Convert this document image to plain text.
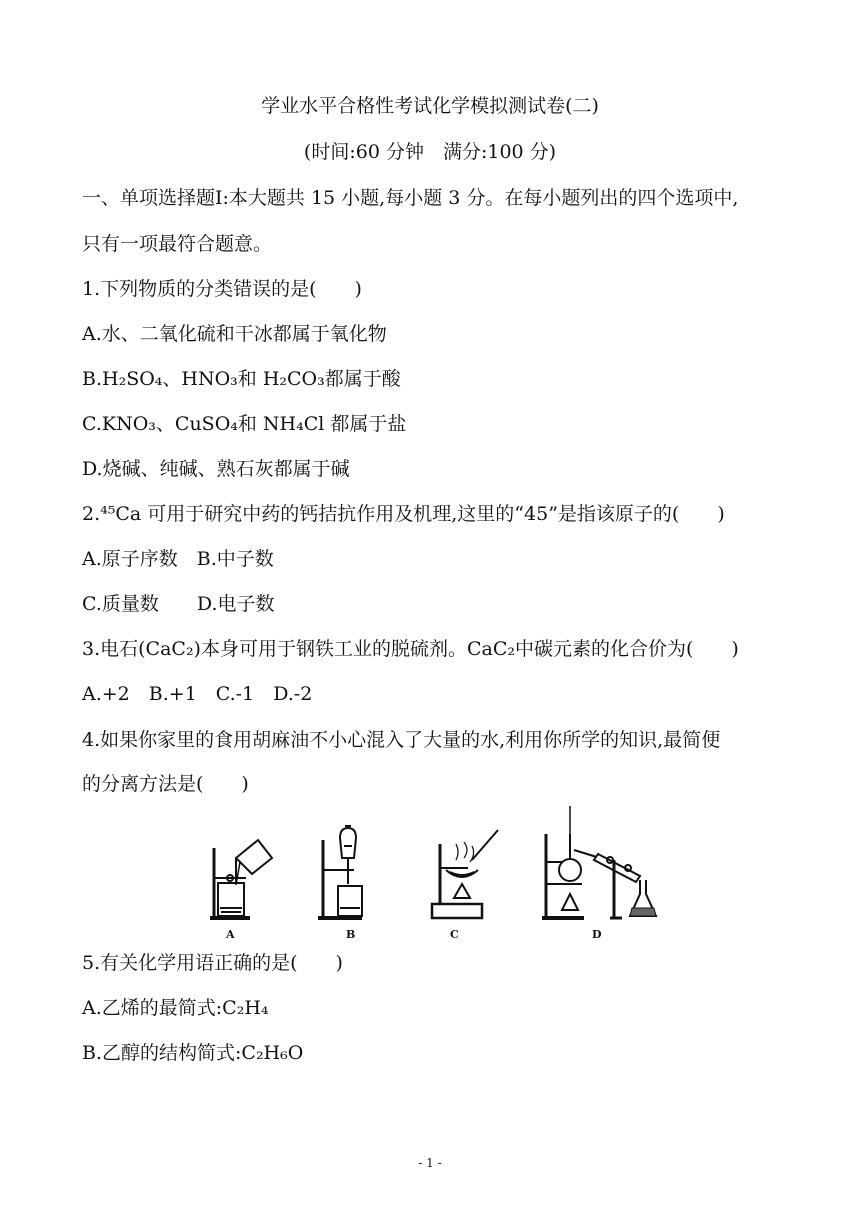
学业水平合格性考试化学模拟测试卷(二)
(时间:60 分钟　满分:100 分)
一、单项选择题Ⅰ:本大题共 15 小题,每小题 3 分。在每小题列出的四个选项中,
只有一项最符合题意。
1.下列物质的分类错误的是(　　)
A.水、二氧化硫和干冰都属于氧化物
B.H₂SO₄、HNO₃和 H₂CO₃都属于酸
C.KNO₃、CuSO₄和 NH₄Cl 都属于盐
D.烧碱、纯碱、熟石灰都属于碱
2.⁴⁵Ca 可用于研究中药的钙拮抗作用及机理,这里的“45”是指该原子的(　　)
A.原子序数　B.中子数
C.质量数　　D.电子数
3.电石(CaC₂)本身可用于钢铁工业的脱硫剂。CaC₂中碳元素的化合价为(　　)
A.+2　B.+1　C.-1　D.-2
4.如果你家里的食用胡麻油不小心混入了大量的水,利用你所学的知识,最简便
的分离方法是(　　)
A	B	C	D
5.有关化学用语正确的是(　　)
A.乙烯的最简式:C₂H₄
B.乙醇的结构简式:C₂H₆O
- 1 -
